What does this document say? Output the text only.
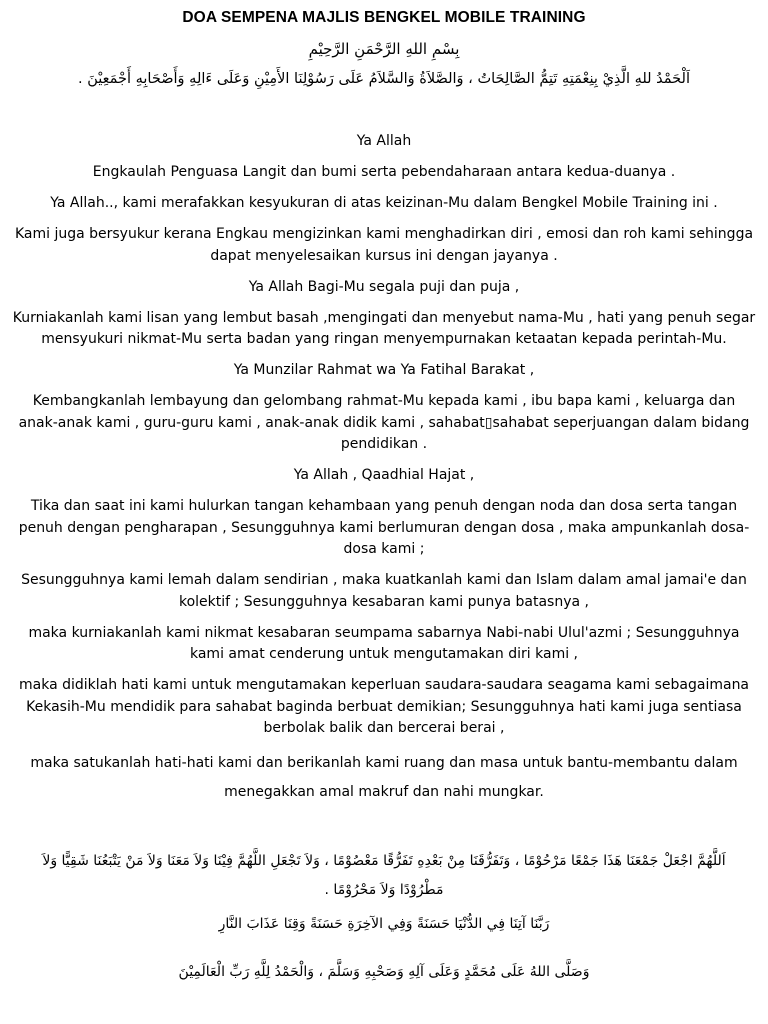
DOA SEMPENA MAJLIS BENGKEL MOBILE TRAINING
بِسْمِ اللهِ الرَّحْمَنِ الرَّحِيْمِ
اَلْحَمْدُ للهِ الَّذِيْ بِنِعْمَتِهِ تَتِمُّ الصَّالِحَاتُ ، وَالصَّلاَةُ وَالسَّلاَمُ عَلَى رَسُوْلِنَا الأَمِيْنِ وَعَلَى ءَالِهِ وَأَصْحَابِهِ أَجْمَعِيْنَ .

Ya Allah

Engkaulah Penguasa Langit dan bumi serta pebendaharaan antara kedua-duanya .

Ya Allah.., kami merafakkan kesyukuran di atas keizinan-Mu dalam Bengkel Mobile Training ini .

Kami juga bersyukur kerana Engkau mengizinkan kami menghadirkan diri , emosi dan roh kami sehingga dapat menyelesaikan kursus ini dengan jayanya .

Ya Allah Bagi-Mu segala puji dan puja ,

Kurniakanlah kami lisan yang lembut basah ,mengingati dan menyebut nama-Mu , hati yang penuh segar mensyukuri nikmat-Mu serta badan yang ringan menyempurnakan ketaatan kepada perintah-Mu.

Ya Munzilar Rahmat wa Ya Fatihal Barakat ,

Kembangkanlah lembayung dan gelombang rahmat-Mu kepada kami , ibu bapa kami , keluarga dan anak-anak kami , guru-guru kami , anak-anak didik kami , sahabat▯sahabat seperjuangan dalam bidang pendidikan .

Ya Allah , Qaadhial Hajat ,

Tika dan saat ini kami hulurkan tangan kehambaan yang penuh dengan noda dan dosa serta tangan penuh dengan pengharapan , Sesungguhnya kami berlumuran dengan dosa , maka ampunkanlah dosa-dosa kami ;

Sesungguhnya kami lemah dalam sendirian , maka kuatkanlah kami dan Islam dalam amal jamai'e dan kolektif ; Sesungguhnya kesabaran kami punya batasnya ,

maka kurniakanlah kami nikmat kesabaran seumpama sabarnya Nabi-nabi Ulul'azmi ; Sesungguhnya kami amat cenderung untuk mengutamakan diri kami ,

maka didiklah hati kami untuk mengutamakan keperluan saudara-saudara seagama kami sebagaimana Kekasih-Mu mendidik para sahabat baginda berbuat demikian; Sesungguhnya hati kami juga sentiasa berbolak balik dan bercerai berai ,

maka satukanlah hati-hati kami dan berikanlah kami ruang dan masa untuk bantu-membantu dalam menegakkan amal makruf dan nahi mungkar.

اَللَّهُمَّ اجْعَلْ جَمْعَنَا هَذَا جَمْعًا مَرْحُوْمًا ، وَتَفَرُّقَنَا مِنْ بَعْدِهِ تَفَرُّقًا مَعْصُوْمًا ، وَلاَ تَجْعَلِ اللَّهُمَّ فِيْنَا وَلاَ مَعَنَا وَلاَ مَنْ يَتْبَعُنَا شَقِيًّا وَلاَ مَطْرُوْدًا وَلاَ مَحْرُوْمًا .
رَبَّنَا آتِنَا فِي الدُّنْيَا حَسَنَةً وَفِي الآخِرَةِ حَسَنَةً وَقِنَا عَذَابَ النَّارِ
وَصَلَّى اللهُ عَلَى مُحَمَّدٍ وَعَلَى آلِهِ وَصَحْبِهِ وَسَلَّمَ ، وَالْحَمْدُ لِلَّهِ رَبِّ الْعَالَمِيْنَ
